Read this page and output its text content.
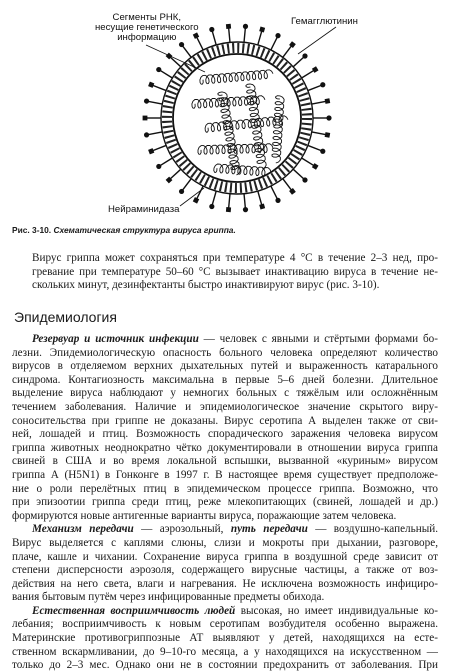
Сегменты РНК,
несущие генетического
информацию
Гемагглютинин
Нейраминидаза
Рис. 3-10. Схематическая структура вируса гриппа.
Вирус гриппа может сохраняться при температуре 4 °С в течение 2–3 нед, про-
гревание при температуре 50–60 °С вызывает инактивацию вируса в течение не-
скольких минут, дезинфектанты быстро инактивируют вирус (рис. 3-10).
Эпидемиология
Резервуар и источник инфекции — человек с явными и стёртыми формами бо-
лезни. Эпидемиологическую опасность больного человека определяют количество
вирусов в отделяемом верхних дыхательных путей и выраженность катарального
синдрома. Контагиозность максимальна в первые 5–6 дней болезни. Длительное
выделение вируса наблюдают у немногих больных с тяжёлым или осложнённым
течением заболевания. Наличие и эпидемиологическое значение скрытого виру-
соносительства при гриппе не доказаны. Вирус серотипа А выделен также от сви-
ней, лошадей и птиц. Возможность спорадического заражения человека вирусом
гриппа животных неоднократно чётко документировали в отношении вируса гриппа
свиней в США и во время локальной вспышки, вызванной «куриным» вирусом
гриппа А (H5N1) в Гонконге в 1997 г. В настоящее время существует предположе-
ние о роли перелётных птиц в эпидемическом процессе гриппа. Возможно, что
при эпизоотии гриппа среди птиц, реже млекопитающих (свиней, лошадей и др.)
формируются новые антигенные варианты вируса, поражающие затем человека.
Механизм передачи — аэрозольный, путь передачи — воздушно-капельный.
Вирус выделяется с каплями слюны, слизи и мокроты при дыхании, разговоре,
плаче, кашле и чихании. Сохранение вируса гриппа в воздушной среде зависит от
степени дисперсности аэрозоля, содержащего вирусные частицы, а также от воз-
действия на него света, влаги и нагревания. Не исключена возможность инфициро-
вания бытовым путём через инфицированные предметы обихода.
Естественная восприимчивость людей высокая, но имеет индивидуальные ко-
лебания; восприимчивость к новым серотипам возбудителя особенно выражена.
Материнские противогриппозные АТ выявляют у детей, находящихся на есте-
ственном вскармливании, до 9–10-го месяца, а у находящихся на искусственном —
только до 2–3 мес. Однако они не в состоянии предохранить от заболевания. При
